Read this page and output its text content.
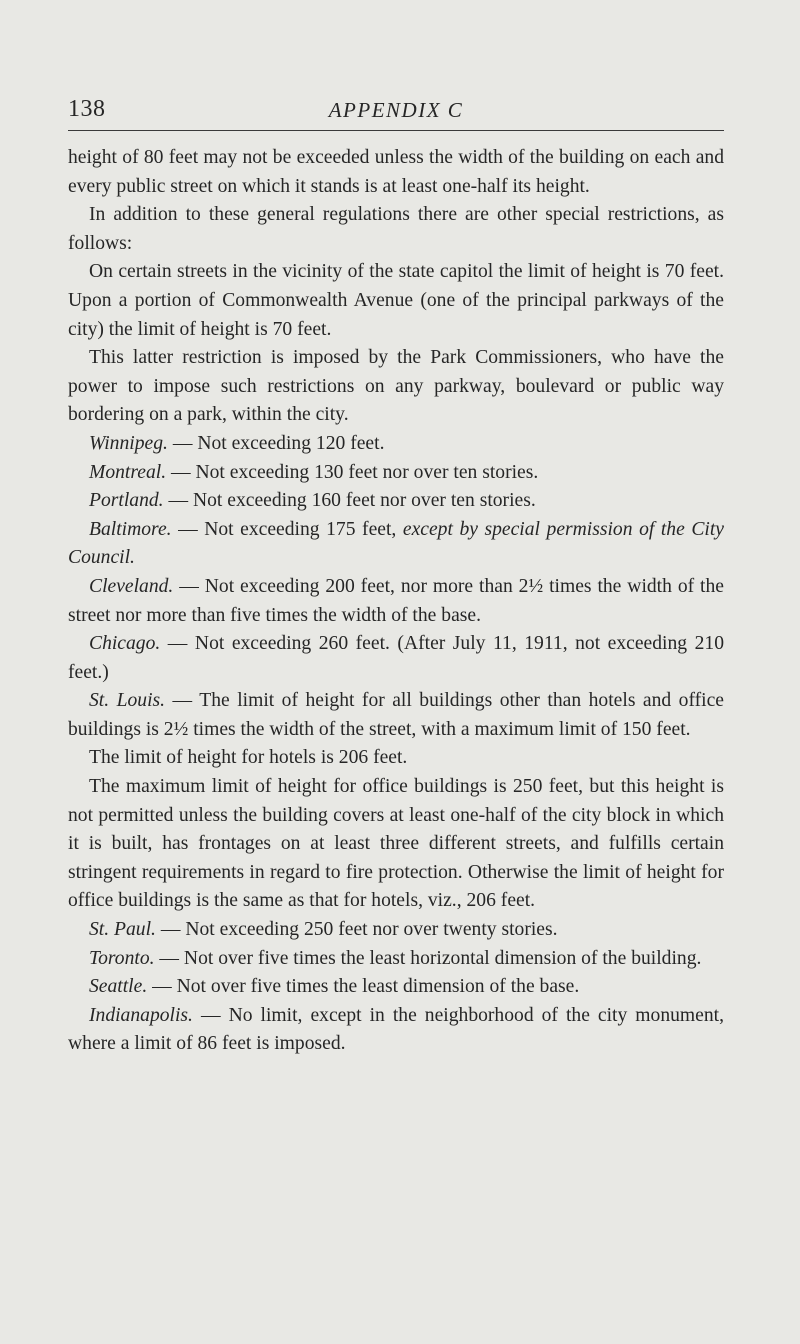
138	APPENDIX C

height of 80 feet may not be exceeded unless the width of the building on each and every public street on which it stands is at least one-half its height.

In addition to these general regulations there are other special restrictions, as follows:

On certain streets in the vicinity of the state capitol the limit of height is 70 feet. Upon a portion of Commonwealth Avenue (one of the principal parkways of the city) the limit of height is 70 feet.

This latter restriction is imposed by the Park Commissioners, who have the power to impose such restrictions on any parkway, boulevard or public way bordering on a park, within the city.

Winnipeg. — Not exceeding 120 feet.

Montreal. — Not exceeding 130 feet nor over ten stories.

Portland. — Not exceeding 160 feet nor over ten stories.

Baltimore. — Not exceeding 175 feet, except by special permission of the City Council.

Cleveland. — Not exceeding 200 feet, nor more than 2½ times the width of the street nor more than five times the width of the base.

Chicago. — Not exceeding 260 feet. (After July 11, 1911, not exceeding 210 feet.)

St. Louis. — The limit of height for all buildings other than hotels and office buildings is 2½ times the width of the street, with a maximum limit of 150 feet.

The limit of height for hotels is 206 feet.

The maximum limit of height for office buildings is 250 feet, but this height is not permitted unless the building covers at least one-half of the city block in which it is built, has frontages on at least three different streets, and fulfills certain stringent requirements in regard to fire protection. Otherwise the limit of height for office buildings is the same as that for hotels, viz., 206 feet.

St. Paul. — Not exceeding 250 feet nor over twenty stories.

Toronto. — Not over five times the least horizontal dimension of the building.

Seattle. — Not over five times the least dimension of the base.

Indianapolis. — No limit, except in the neighborhood of the city monument, where a limit of 86 feet is imposed.
